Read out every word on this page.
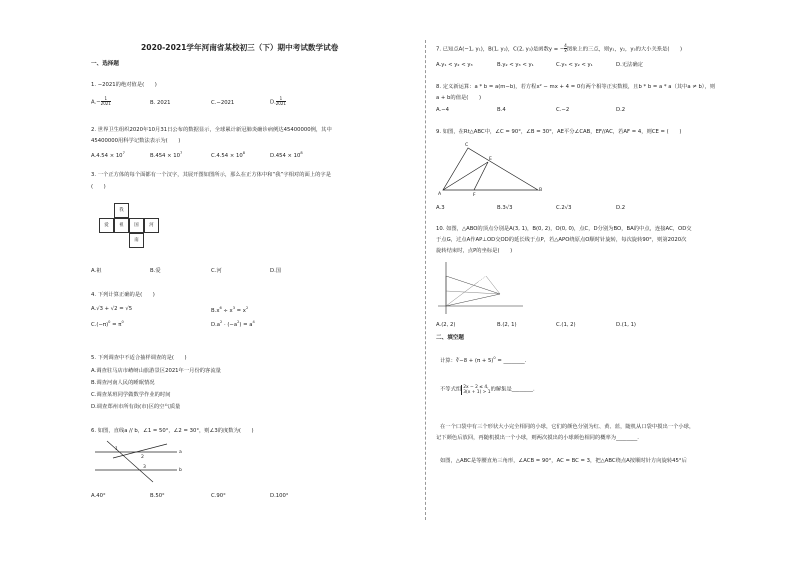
2020-2021学年河南省某校初三（下）期中考试数学试卷
一、选择题
1. −2021的绝对值是(　　)
$A.- \frac{1}{2021}$	B. 2021	C.−2021	D. $\frac{1}{2021}$
2. 世界卫生组织2020年10月31日公布的数据显示，全球累计新冠肺炎确诊病例达45400000例，其中
45400000用科学记数法表示为(　　)
$A.4.54 \times 10^7$	$B.454 \times 10^7$	$C.4.54 \times 10^8$	$D.454 \times 10^8$
3. 一个正方体的每个面都有一个汉字，其展开图如图所示，那么在正方体中和“我”字相对的面上的字是
(　　)
我
爱	祖	国	河
南
A.祖	B.爱	C.河	D.国
4. 下列计算正确的是(　　)
A.√3 + √2 = √5	$B.x^6 \div x^3 = x^2$
$C.(-\pi)^0 = \pi^0$	$D.a^2 \cdot (-a^2) = a^4$
5. 下列调查中不适合抽样调查的是(　　)
A.调查驻马店市嵖岈山旅游景区2021年一月份的客流量
B.调查河南人民的睡眠情况
C.调查某班同学做数学作业的时间
D.调查郑州市所有街(市)区的空气质量
6. 如图，直线a // b，∠1 = 50°，∠2 = 30°，则∠3的度数为(　　)
1
2
3
a
b
A.40°	B.50°	C.90°	D.100°
7. 已知点A(−1, y₁)，B(1, y₂)，C(2, y₃)是函数y = − $\frac{4}{x}$ 图象上的三点，则y₁，y₂，y₃的大小关系是(　　)
A.y₁ < y₂ < y₃	B.y₂ < y₃ < y₁	C.y₃ < y₂ < y₁	D.无法确定
8. 定义新运算：a * b = a(m−b)，若方程x² − mx + 4 = 0有两个相等正实数根，且b * b = a * a（其中a ≠ b），则
a + b的值是(　　)
A.−4	B.4	C.−2	D.2
9. 如图，在Rt△ABC中，∠C = 90°，∠B = 30°，AE平分∠CAB，EF//AC，若AF = 4，则CE = (　　)
C
E
A	F
B
A.3	B.3√3	C.2√3	D.2
10. 如图，△ABO的顶点分别是A(3, 1)，B(0, 2)，O(0, 0)，点C，D分别为BO，BA的中点，连接AC，OD交
于点G，过点A作AP⊥OD交OD的延长线于点P，若△APO绕原点O顺时针旋转，每次旋转90°，则第2020次
旋转结束时，点P的坐标是(　　)
A.(2, 2)	B.(2, 1)	C.(1, 2)	D.(1, 1)
二、填空题
计算：∛−8 + $(\pi + 5)^0$ = ________.
不等式组 2x − 2 ≤ 4,
3(x + 1) > 1 的解集是________.
在一个口袋中有三个形状大小完全相同的小球，它们的颜色分别为红、黄、蓝，随机从口袋中摸出一个小球，
记下颜色后放回，再随机摸出一个小球，则两次摸出的小球颜色相同的概率为________.
如图，△ABC是等腰直角三角形，∠ACB = 90°，AC = BC = 3，把△ABC绕点A按顺时针方向旋转45°后
